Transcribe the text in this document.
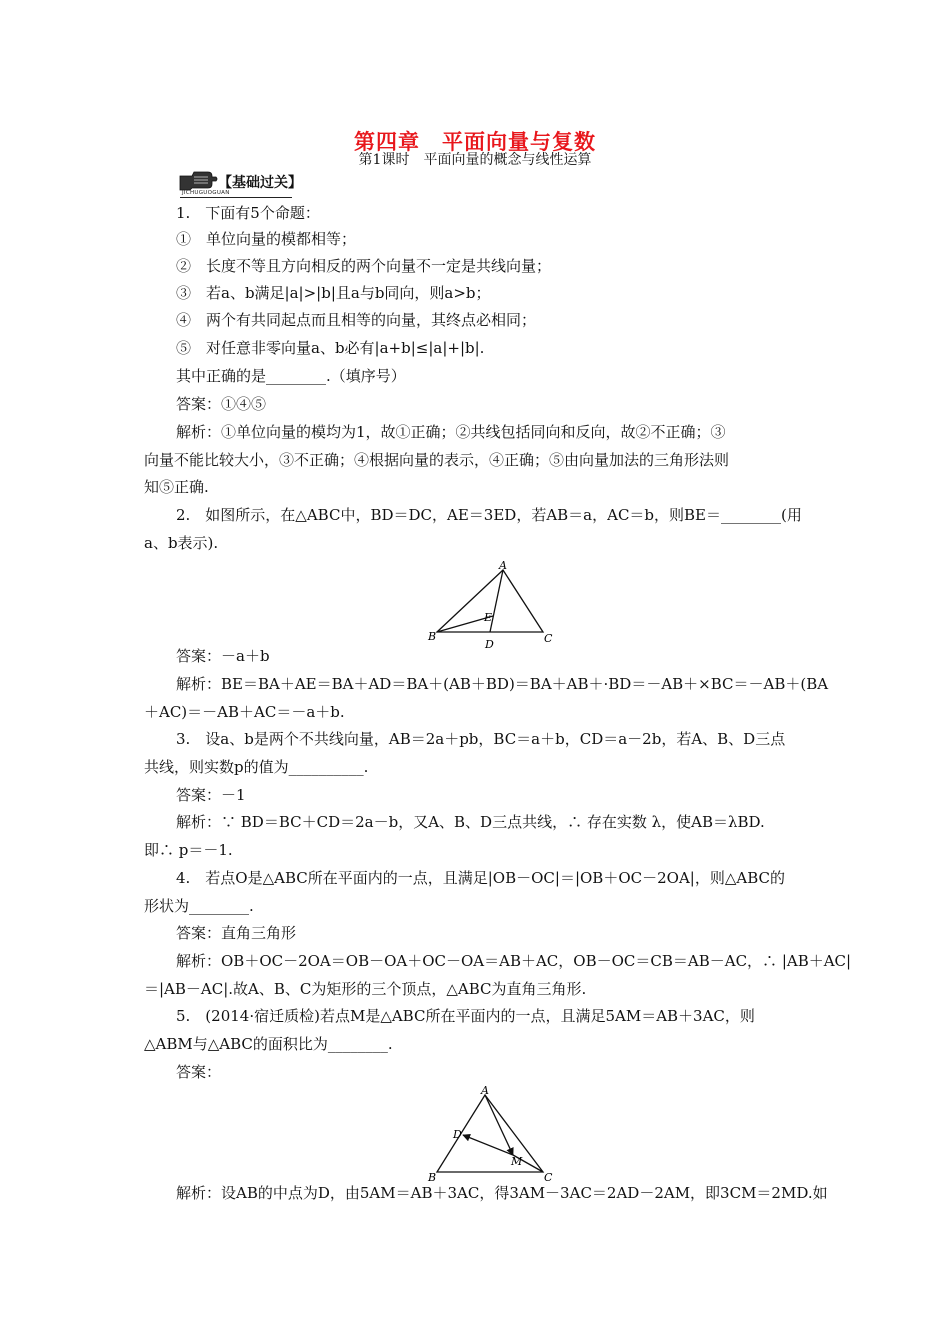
第四章　平面向量与复数
第1课时　平面向量的概念与线性运算
【基础过关】
JICHUGUOGUAN
1.　下面有5个命题：
①　单位向量的模都相等；
②　长度不等且方向相反的两个向量不一定是共线向量；
③　若a、b满足|a|>|b|且a与b同向，则a>b；
④　两个有共同起点而且相等的向量，其终点必相同；
⑤　对任意非零向量a、b必有|a+b|≤|a|+|b|.
其中正确的是________.（填序号）
答案：①④⑤
解析：①单位向量的模均为1，故①正确；②共线包括同向和反向，故②不正确；③
向量不能比较大小，③不正确；④根据向量的表示，④正确；⑤由向量加法的三角形法则
知⑤正确.
2.　如图所示，在△ABC中，BD＝DC，AE＝3ED，若AB＝a，AC＝b，则BE＝________(用
a、b表示).
A
B	C
D
E
答案：－a＋b
解析：BE＝BA＋AE＝BA＋AD＝BA＋(AB＋BD)＝BA＋AB＋·BD＝－AB＋×BC＝－AB＋(BA
＋AC)＝－AB＋AC＝－a＋b.
3.　设a、b是两个不共线向量，AB＝2a＋pb，BC＝a＋b，CD＝a－2b，若A、B、D三点
共线，则实数p的值为__________.
答案：－1
解析：∵ BD＝BC＋CD＝2a－b，又A、B、D三点共线，∴ 存在实数 λ，使AB＝λBD.
即∴ p＝－1.
4.　若点O是△ABC所在平面内的一点，且满足|OB－OC|＝|OB＋OC－2OA|，则△ABC的
形状为________.
答案：直角三角形
解析：OB＋OC－2OA＝OB－OA＋OC－OA＝AB＋AC，OB－OC＝CB＝AB－AC，∴ |AB＋AC|
＝|AB－AC|.故A、B、C为矩形的三个顶点，△ABC为直角三角形.
5.　(2014·宿迁质检)若点M是△ABC所在平面内的一点，且满足5AM＝AB＋3AC，则
△ABM与△ABC的面积比为________.
答案：
A
B	C
D
M
解析：设AB的中点为D，由5AM＝AB＋3AC，得3AM－3AC＝2AD－2AM，即3CM＝2MD.如
